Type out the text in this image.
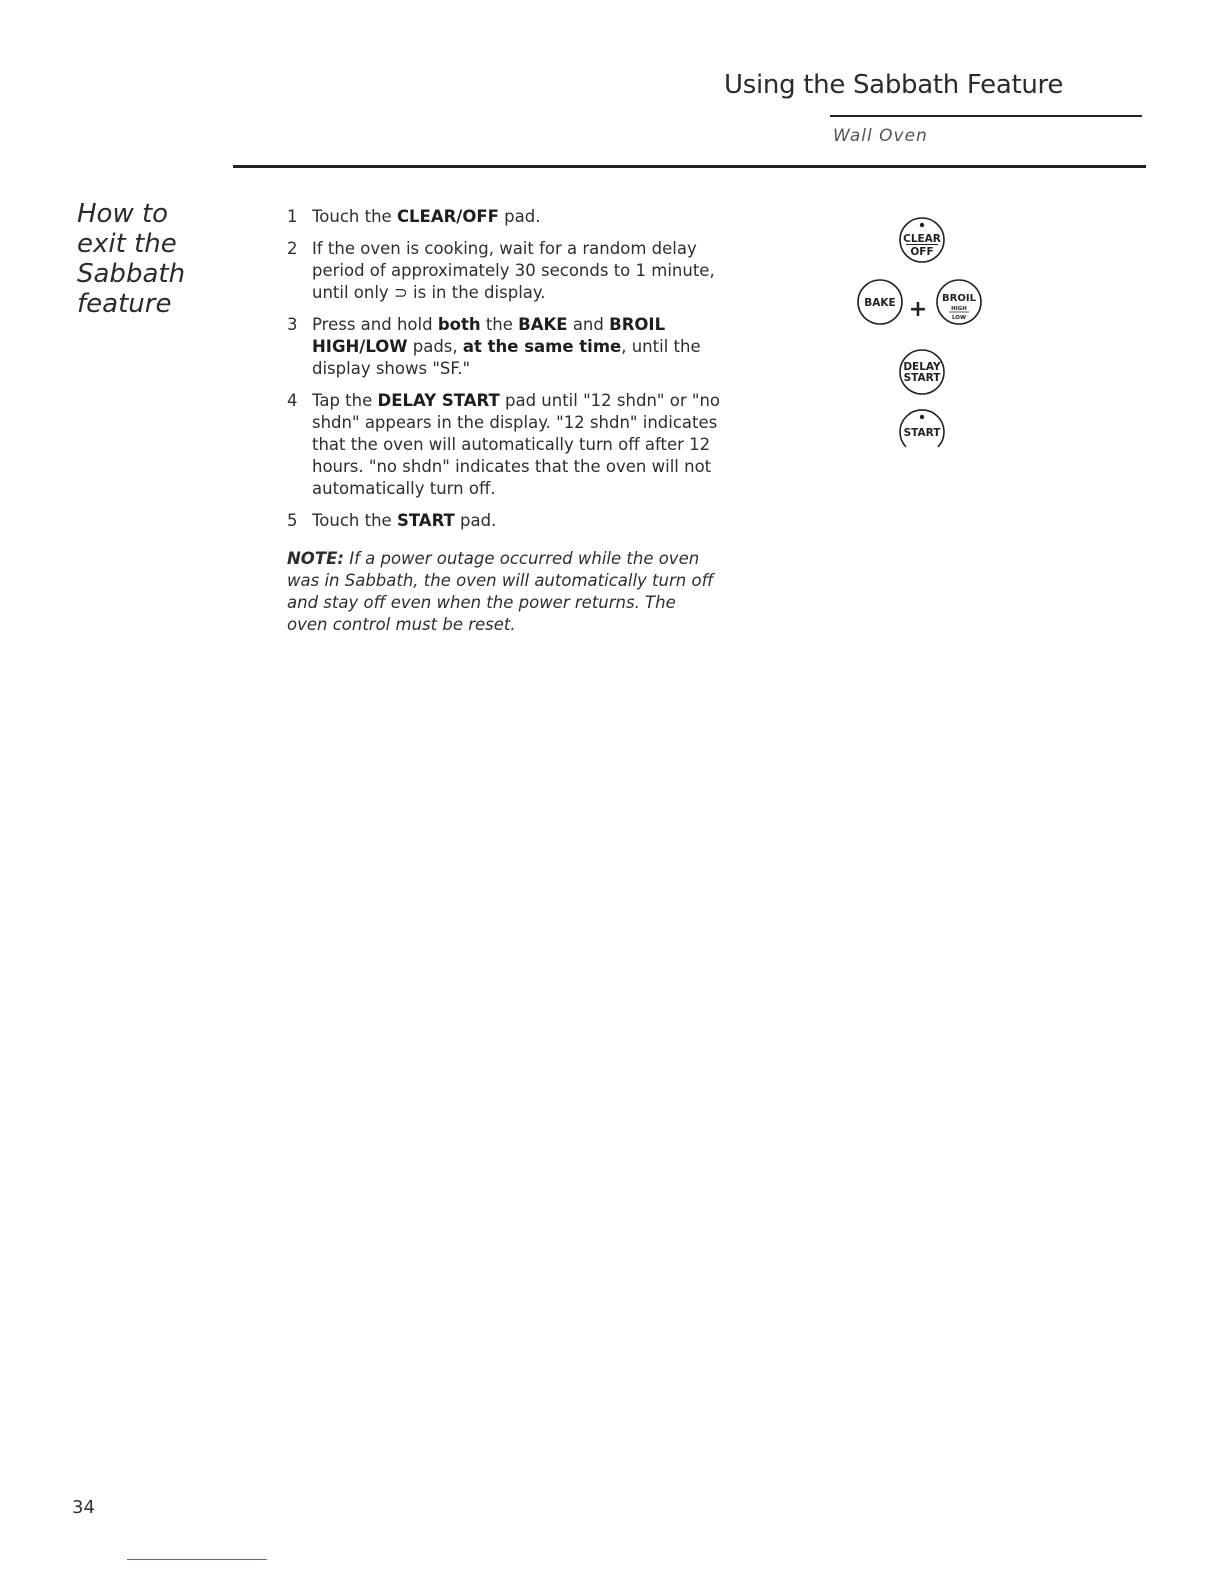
Using the Sabbath Feature
Wall Oven
How to
exit the
Sabbath
feature
1 Touch the CLEAR/OFF pad.
2 If the oven is cooking, wait for a random delay period of approximately 30 seconds to 1 minute, until only ⊃ is in the display.
3 Press and hold both the BAKE and BROIL HIGH/LOW pads, at the same time, until the display shows "SF."
4 Tap the DELAY START pad until "12 shdn" or "no shdn" appears in the display. "12 shdn" indicates that the oven will automatically turn off after 12 hours. "no shdn" indicates that the oven will not automatically turn off.
5 Touch the START pad.

NOTE: If a power outage occurred while the oven was in Sabbath, the oven will automatically turn off and stay off even when the power returns. The oven control must be reset.

CLEAR
OFF
BAKE + BROIL
HIGH
LOW
DELAY
START
START
34
